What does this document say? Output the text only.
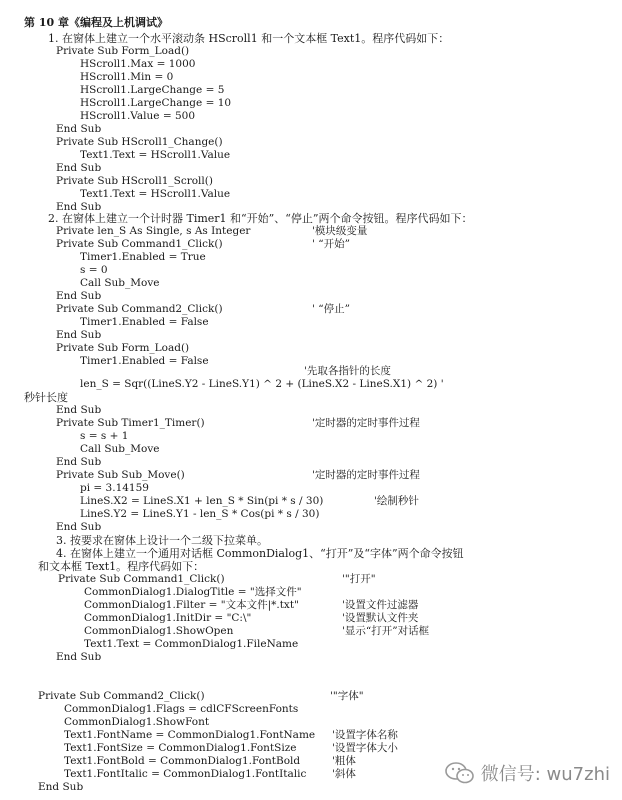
第 10 章《编程及上机调试》
1. 在窗体上建立一个水平滚动条 HScroll1 和一个文本框 Text1。程序代码如下：
Private Sub Form_Load()
HScroll1.Max = 1000
HScroll1.Min = 0
HScroll1.LargeChange = 5
HScroll1.LargeChange = 10
HScroll1.Value = 500
End Sub
Private Sub HScroll1_Change()
Text1.Text = HScroll1.Value
End Sub
Private Sub HScroll1_Scroll()
Text1.Text = HScroll1.Value
End Sub
2. 在窗体上建立一个计时器 Timer1 和“开始”、“停止”两个命令按钮。程序代码如下：
Private len_S As Single, s As Integer	'模块级变量
Private Sub Command1_Click()	' “开始”
Timer1.Enabled = True
s = 0
Call Sub_Move
End Sub
Private Sub Command2_Click()	' “停止”
Timer1.Enabled = False
End Sub
Private Sub Form_Load()
Timer1.Enabled = False
'先取各指针的长度
len_S = Sqr((LineS.Y2 - LineS.Y1) ^ 2 + (LineS.X2 - LineS.X1) ^ 2) '
秒针长度
End Sub
Private Sub Timer1_Timer()	'定时器的定时事件过程
s = s + 1
Call Sub_Move
End Sub
Private Sub Sub_Move()	'定时器的定时事件过程
pi = 3.14159
LineS.X2 = LineS.X1 + len_S * Sin(pi * s / 30)	'绘制秒针
LineS.Y2 = LineS.Y1 - len_S * Cos(pi * s / 30)
End Sub
3. 按要求在窗体上设计一个二级下拉菜单。
4. 在窗体上建立一个通用对话框 CommonDialog1、“打开”及“字体”两个命令按钮
和文本框 Text1。程序代码如下：
Private Sub Command1_Click()	'"打开"
CommonDialog1.DialogTitle = "选择文件"
CommonDialog1.Filter = "文本文件|*.txt"	'设置文件过滤器
CommonDialog1.InitDir = "C:\"	'设置默认文件夹
CommonDialog1.ShowOpen	'显示“打开”对话框
Text1.Text = CommonDialog1.FileName
End Sub
Private Sub Command2_Click()	'"字体"
CommonDialog1.Flags = cdlCFScreenFonts
CommonDialog1.ShowFont
Text1.FontName = CommonDialog1.FontName '设置字体名称
Text1.FontSize = CommonDialog1.FontSize	'设置字体大小
Text1.FontBold = CommonDialog1.FontBold	'粗体
Text1.FontItalic = CommonDialog1.FontItalic '斜体
End Sub
微信号: wu7zhi
